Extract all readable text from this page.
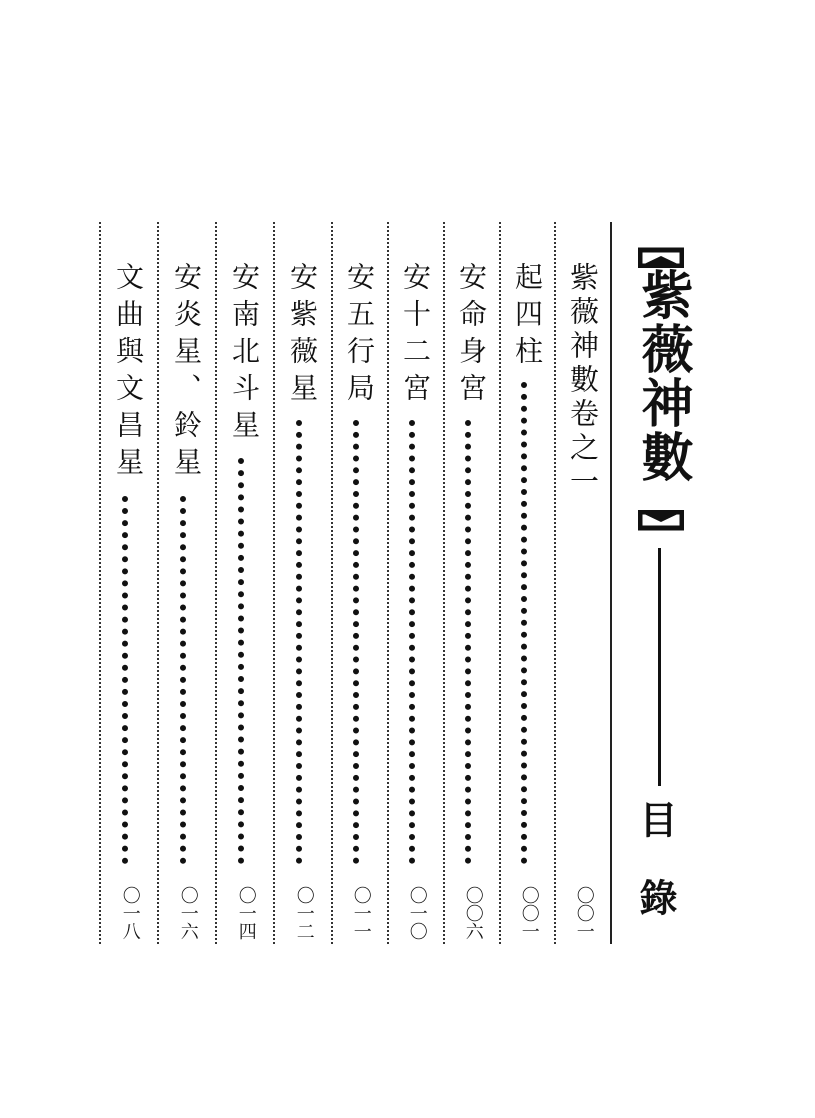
紫薇神數
目錄
紫薇神數卷之一
〇〇一
起四柱
〇〇一
安命身宮
〇〇六
安十二宮
〇一〇
安五行局
〇一一
安紫薇星
〇一二
安南北斗星
〇一四
安炎星、鈴星
〇一六
文曲與文昌星
〇一八
